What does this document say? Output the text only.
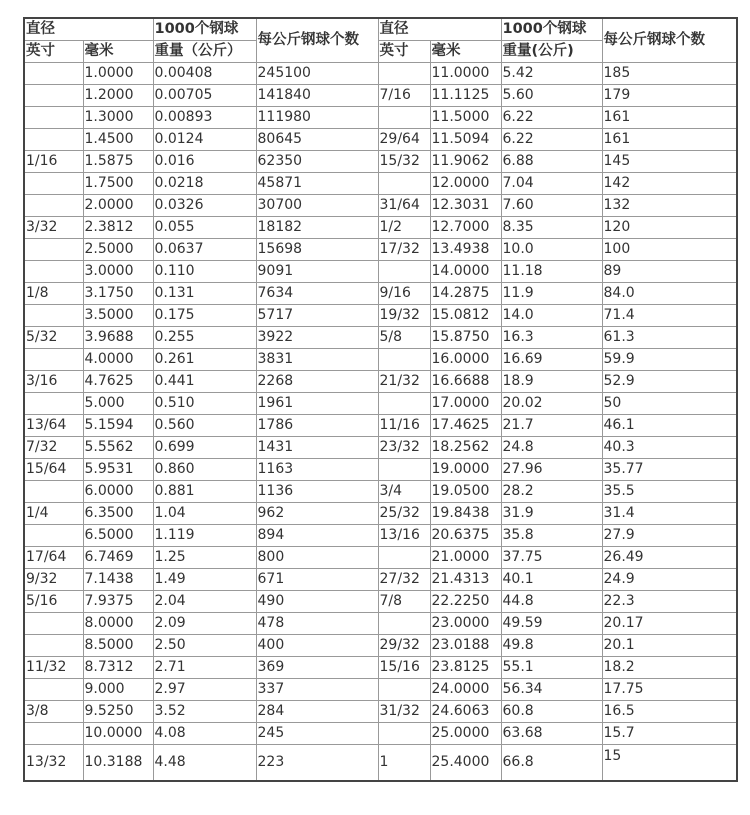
直径		1000个钢球	每公斤钢球个数	直径		1000个钢球	每公斤钢球个数
英寸	毫米	重量（公斤）		英寸	毫米	重量(公斤)	
	1.0000	0.00408	245100		11.0000	5.42	185
	1.2000	0.00705	141840	7/16	11.1125	5.60	179
	1.3000	0.00893	111980		11.5000	6.22	161
	1.4500	0.0124	80645	29/64	11.5094	6.22	161
1/16	1.5875	0.016	62350	15/32	11.9062	6.88	145
	1.7500	0.0218	45871		12.0000	7.04	142
	2.0000	0.0326	30700	31/64	12.3031	7.60	132
3/32	2.3812	0.055	18182	1/2	12.7000	8.35	120
	2.5000	0.0637	15698	17/32	13.4938	10.0	100
	3.0000	0.110	9091		14.0000	11.18	89
1/8	3.1750	0.131	7634	9/16	14.2875	11.9	84.0
	3.5000	0.175	5717	19/32	15.0812	14.0	71.4
5/32	3.9688	0.255	3922	5/8	15.8750	16.3	61.3
	4.0000	0.261	3831		16.0000	16.69	59.9
3/16	4.7625	0.441	2268	21/32	16.6688	18.9	52.9
	5.000	0.510	1961		17.0000	20.02	50
13/64	5.1594	0.560	1786	11/16	17.4625	21.7	46.1
7/32	5.5562	0.699	1431	23/32	18.2562	24.8	40.3
15/64	5.9531	0.860	1163		19.0000	27.96	35.77
	6.0000	0.881	1136	3/4	19.0500	28.2	35.5
1/4	6.3500	1.04	962	25/32	19.8438	31.9	31.4
	6.5000	1.119	894	13/16	20.6375	35.8	27.9
17/64	6.7469	1.25	800		21.0000	37.75	26.49
9/32	7.1438	1.49	671	27/32	21.4313	40.1	24.9
5/16	7.9375	2.04	490	7/8	22.2250	44.8	22.3
	8.0000	2.09	478		23.0000	49.59	20.17
	8.5000	2.50	400	29/32	23.0188	49.8	20.1
11/32	8.7312	2.71	369	15/16	23.8125	55.1	18.2
	9.000	2.97	337		24.0000	56.34	17.75
3/8	9.5250	3.52	284	31/32	24.6063	60.8	16.5
	10.0000	4.08	245		25.0000	63.68	15.7
13/32	10.3188	4.48	223	1	25.4000	66.8	15
